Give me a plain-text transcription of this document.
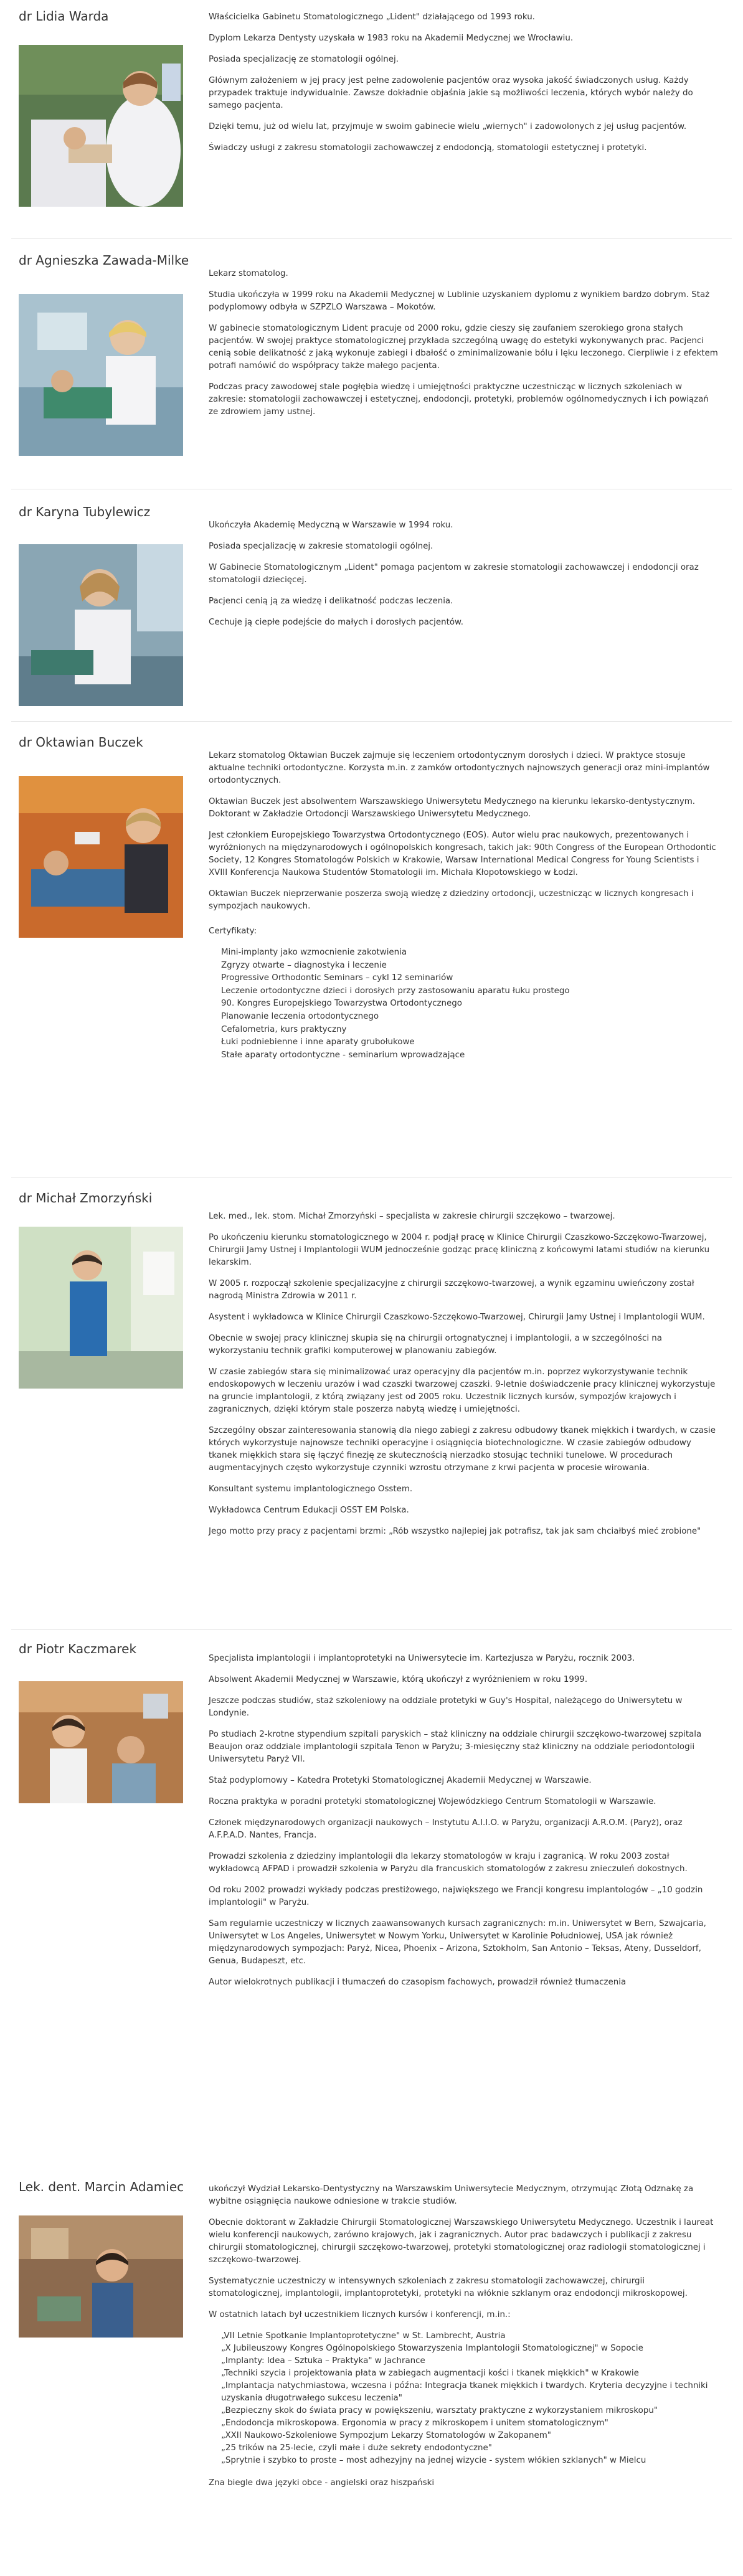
dr Lidia Warda	Właścicielka Gabinetu Stomatologicznego „Lident" działającego od 1993 roku.

Dyplom Lekarza Dentysty uzyskała w 1983 roku na Akademii Medycznej we Wrocławiu.

Posiada specjalizację ze stomatologii ogólnej.

Głównym założeniem w jej pracy jest pełne zadowolenie pacjentów oraz wysoka jakość świadczonych usług. Każdy przypadek traktuje indywidualnie. Zawsze dokładnie objaśnia jakie są możliwości leczenia, których wybór należy do samego pacjenta.

Dzięki temu, już od wielu lat, przyjmuje w swoim gabinecie wielu „wiernych" i zadowolonych z jej usług pacjentów.

Świadczy usługi z zakresu stomatologii zachowawczej z endodoncją, stomatologii estetycznej i protetyki.

dr Agnieszka Zawada-Milke

Lekarz stomatolog.

Studia ukończyła w 1999 roku na Akademii Medycznej w Lublinie uzyskaniem dyplomu z wynikiem bardzo dobrym. Staż podyplomowy odbyła w SZPZLO Warszawa – Mokotów.

W gabinecie stomatologicznym Lident pracuje od 2000 roku, gdzie cieszy się zaufaniem szerokiego grona stałych pacjentów. W swojej praktyce stomatologicznej przykłada szczególną uwagę do estetyki wykonywanych prac. Pacjenci cenią sobie delikatność z jaką wykonuje zabiegi i dbałość o zminimalizowanie bólu i lęku leczonego. Cierpliwie i z efektem potrafi namówić do współpracy także małego pacjenta.

Podczas pracy zawodowej stale pogłębia wiedzę i umiejętności praktyczne uczestnicząc w licznych szkoleniach w zakresie: stomatologii zachowawczej i estetycznej, endodoncji, protetyki, problemów ogólnomedycznych i ich powiązań ze zdrowiem jamy ustnej.

dr Karyna Tubylewicz

Ukończyła Akademię Medyczną w Warszawie w 1994 roku.

Posiada specjalizację w zakresie stomatologii ogólnej.

W Gabinecie Stomatologicznym „Lident" pomaga pacjentom w zakresie stomatologii zachowawczej i endodoncji oraz stomatologii dziecięcej.

Pacjenci cenią ją za wiedzę i delikatność podczas leczenia.

Cechuje ją ciepłe podejście do małych i dorosłych pacjentów.

dr Oktawian Buczek

Lekarz stomatolog Oktawian Buczek zajmuje się leczeniem ortodontycznym dorosłych i dzieci. W praktyce stosuje aktualne techniki ortodontyczne. Korzysta m.in. z zamków ortodontycznych najnowszych generacji oraz mini-implantów ortodontycznych.

Oktawian Buczek jest absolwentem Warszawskiego Uniwersytetu Medycznego na kierunku lekarsko-dentystycznym. Doktorant w Zakładzie Ortodoncji Warszawskiego Uniwersytetu Medycznego.

Jest członkiem Europejskiego Towarzystwa Ortodontycznego (EOS). Autor wielu prac naukowych, prezentowanych i wyróżnionych na międzynarodowych i ogólnopolskich kongresach, takich jak: 90th Congress of the European Orthodontic Society, 12 Kongres Stomatologów Polskich w Krakowie, Warsaw International Medical Congress for Young Scientists i XVIII Konferencja Naukowa Studentów Stomatologii im. Michała Kłopotowskiego w Łodzi.

Oktawian Buczek nieprzerwanie poszerza swoją wiedzę z dziedziny ortodoncji, uczestnicząc w licznych kongresach i sympozjach naukowych.

Certyfikaty:

Mini-implanty jako wzmocnienie zakotwienia

Zgryzy otwarte – diagnostyka i leczenie

Progressive Orthodontic Seminars – cykl 12 seminariów

Leczenie ortodontyczne dzieci i dorosłych przy zastosowaniu aparatu łuku prostego

90. Kongres Europejskiego Towarzystwa Ortodontycznego

Planowanie leczenia ortodontycznego

Cefalometria, kurs praktyczny

Łuki podniebienne i inne aparaty grubołukowe

Stałe aparaty ortodontyczne - seminarium wprowadzające

dr Michał Zmorzyński

Lek. med., lek. stom. Michał Zmorzyński – specjalista w zakresie chirurgii szczękowo – twarzowej.

Po ukończeniu kierunku stomatologicznego w 2004 r. podjął pracę w Klinice Chirurgii Czaszkowo-Szczękowo-Twarzowej, Chirurgii Jamy Ustnej i Implantologii WUM jednocześnie godząc pracę kliniczną z końcowymi latami studiów na kierunku lekarskim.

W 2005 r. rozpoczął szkolenie specjalizacyjne z chirurgii szczękowo-twarzowej, a wynik egzaminu uwieńczony został nagrodą Ministra Zdrowia w 2011 r.

Asystent i wykładowca w Klinice Chirurgii Czaszkowo-Szczękowo-Twarzowej, Chirurgii Jamy Ustnej i Implantologii WUM.

Obecnie w swojej pracy klinicznej skupia się na chirurgii ortognatycznej i implantologii, a w szczególności na wykorzystaniu technik grafiki komputerowej w planowaniu zabiegów.

W czasie zabiegów stara się minimalizować uraz operacyjny dla pacjentów m.in. poprzez wykorzystywanie technik endoskopowych w leczeniu urazów i wad czaszki twarzowej czaszki. 9-letnie doświadczenie pracy klinicznej wykorzystuje na gruncie implantologii, z którą związany jest od 2005 roku. Uczestnik licznych kursów, sympozjów krajowych i zagranicznych, dzięki którym stale poszerza nabytą wiedzę i umiejętności.

Szczególny obszar zainteresowania stanowią dla niego zabiegi z zakresu odbudowy tkanek miękkich i twardych, w czasie których wykorzystuje najnowsze techniki operacyjne i osiągnięcia biotechnologiczne. W czasie zabiegów odbudowy tkanek miękkich stara się łączyć finezję ze skutecznością nierzadko stosując techniki tunelowe. W procedurach augmentacyjnych często wykorzystuje czynniki wzrostu otrzymane z krwi pacjenta w procesie wirowania.

Konsultant systemu implantologicznego Osstem.

Wykładowca Centrum Edukacji OSST EM Polska.

Jego motto przy pracy z pacjentami brzmi: „Rób wszystko najlepiej jak potrafisz, tak jak sam chciałbyś mieć zrobione"

dr Piotr Kaczmarek

Specjalista implantologii i implantoprotetyki na Uniwersytecie im. Kartezjusza w Paryżu, rocznik 2003.

Absolwent Akademii Medycznej w Warszawie, którą ukończył z wyróżnieniem w roku 1999.

Jeszcze podczas studiów, staż szkoleniowy na oddziale protetyki w Guy's Hospital, należącego do Uniwersytetu w Londynie.

Po studiach 2-krotne stypendium szpitali paryskich – staż kliniczny na oddziale chirurgii szczękowo-twarzowej szpitala Beaujon oraz oddziale implantologii szpitala Tenon w Paryżu; 3-miesięczny staż kliniczny na oddziale periodontologii Uniwersytetu Paryż VII.

Staż podyplomowy – Katedra Protetyki Stomatologicznej Akademii Medycznej w Warszawie.

Roczna praktyka w poradni protetyki stomatologicznej Wojewódzkiego Centrum Stomatologii w Warszawie.

Członek międzynarodowych organizacji naukowych – Instytutu A.I.I.O. w Paryżu, organizacji A.R.O.M. (Paryż), oraz A.F.P.A.D. Nantes, Francja.

Prowadzi szkolenia z dziedziny implantologii dla lekarzy stomatologów w kraju i zagranicą. W roku 2003 został wykładowcą AFPAD i prowadził szkolenia w Paryżu dla francuskich stomatologów z zakresu znieczuleń dokostnych.

Od roku 2002 prowadzi wykłady podczas prestiżowego, największego we Francji kongresu implantologów – „10 godzin implantologii" w Paryżu.

Sam regularnie uczestniczy w licznych zaawansowanych kursach zagranicznych: m.in. Uniwersytet w Bern, Szwajcaria, Uniwersytet w Los Angeles, Uniwersytet w Nowym Yorku, Uniwersytet w Karolinie Południowej, USA jak również międzynarodowych sympozjach: Paryż, Nicea, Phoenix – Arizona, Sztokholm, San Antonio – Teksas, Ateny, Dusseldorf, Genua, Budapeszt, etc.

Autor wielokrotnych publikacji i tłumaczeń do czasopism fachowych, prowadził również tłumaczenia

Lek. dent. Marcin Adamiec	ukończył Wydział Lekarsko-Dentystyczny na Warszawskim Uniwersytecie Medycznym, otrzymując Złotą Odznakę za wybitne osiągnięcia naukowe odniesione w trakcie studiów.

Obecnie doktorant w Zakładzie Chirurgii Stomatologicznej Warszawskiego Uniwersytetu Medycznego. Uczestnik i laureat wielu konferencji naukowych, zarówno krajowych, jak i zagranicznych. Autor prac badawczych i publikacji z zakresu chirurgii stomatologicznej, chirurgii szczękowo-twarzowej, protetyki stomatologicznej oraz radiologii stomatologicznej i szczękowo-twarzowej.

Systematycznie uczestniczy w intensywnych szkoleniach z zakresu stomatologii zachowawczej, chirurgii stomatologicznej, implantologii, implantoprotetyki, protetyki na włóknie szklanym oraz endodoncji mikroskopowej.

W ostatnich latach był uczestnikiem licznych kursów i konferencji, m.in.:

„VII Letnie Spotkanie Implantoprotetyczne" w St. Lambrecht, Austria

„X Jubileuszowy Kongres Ogólnopolskiego Stowarzyszenia Implantologii Stomatologicznej" w Sopocie

„Implanty: Idea – Sztuka – Praktyka" w Jachrance

„Techniki szycia i projektowania płata w zabiegach augmentacji kości i tkanek miękkich" w Krakowie

„Implantacja natychmiastowa, wczesna i późna: Integracja tkanek miękkich i twardych. Kryteria decyzyjne i techniki uzyskania długotrwałego sukcesu leczenia"

„Bezpieczny skok do świata pracy w powiększeniu, warsztaty praktyczne z wykorzystaniem mikroskopu"

„Endodoncja mikroskopowa. Ergonomia w pracy z mikroskopem i unitem stomatologicznym"

„XXII Naukowo-Szkoleniowe Sympozjum Lekarzy Stomatologów w Zakopanem"

„25 trików na 25-lecie, czyli małe i duże sekrety endodontyczne"

„Sprytnie i szybko to proste – most adhezyjny na jednej wizycie - system włókien szklanych" w Mielcu

Zna biegle dwa języki obce - angielski oraz hiszpański
